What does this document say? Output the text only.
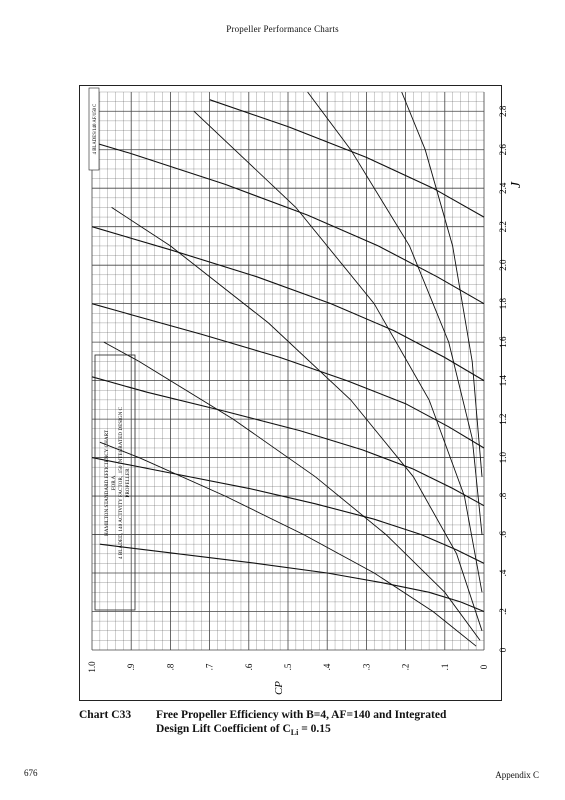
Propeller Performance Charts
0
.2
.4
.6
.8
1.0
1.2
1.4
1.6
1.8
2.0
2.2
2.4
2.6
2.8
0
.1
.2
.3
.4
.5
.6
.7
.8
.9
1.0
HAMILTON STANDARD EFFICIENCY CHART FOR A 4 BLADED, 140 ACTIVITY FACTOR, .150 INTEGRATED DESIGN C PROPELLER
4 BLADES/140 AF/150 C
J
CP
Chart C33 Free Propeller Efficiency with B=4, AF=140 and Integrated
Design Lift Coefficient of $C_{Li} = 0.15$
676	Appendix C
